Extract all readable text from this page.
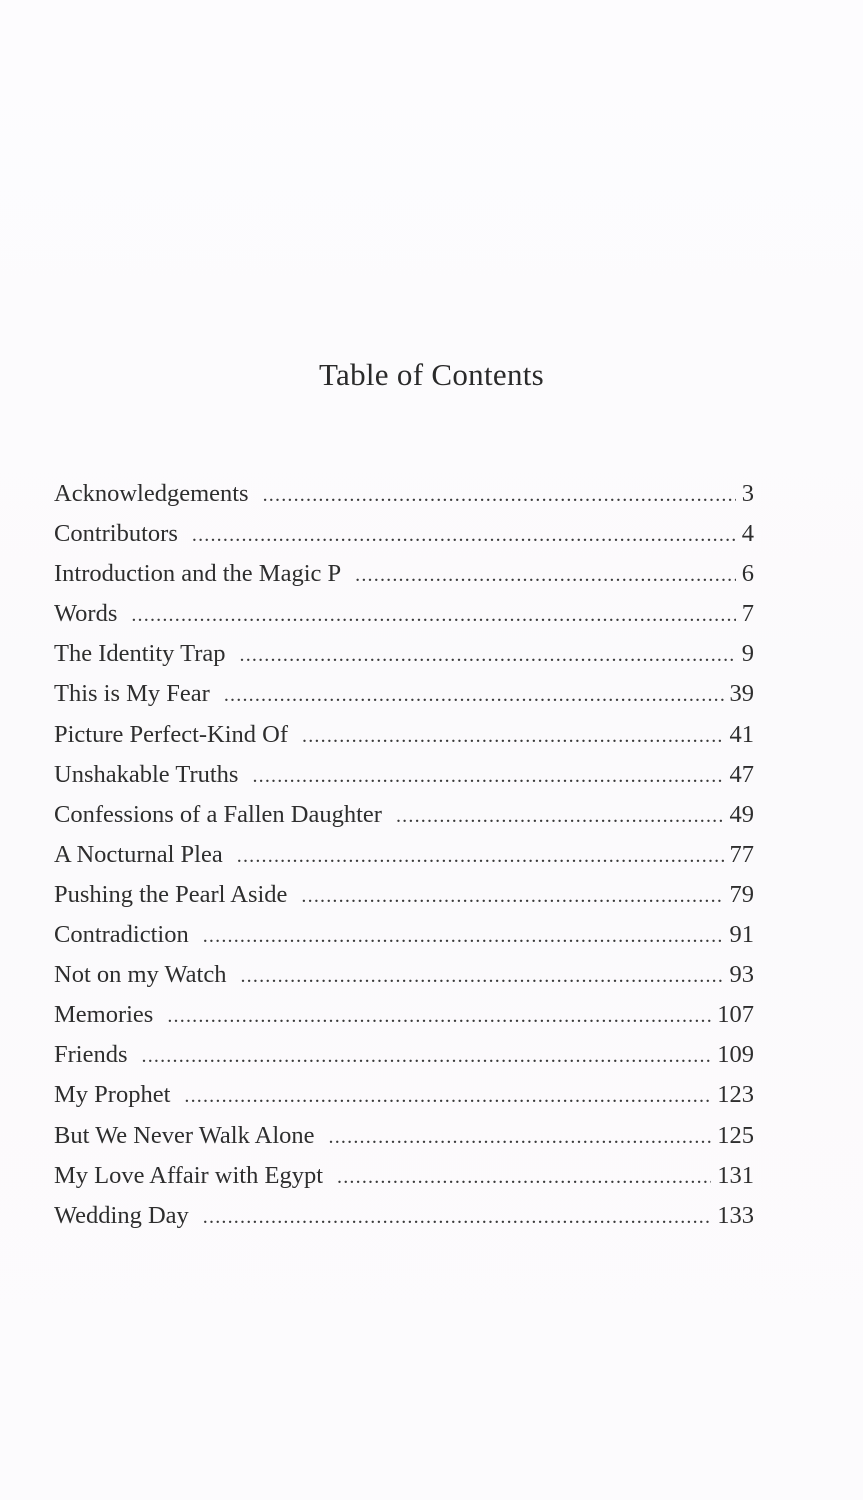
Table of Contents
Acknowledgements .....	3
Contributors .....	4
Introduction and the Magic P .....	6
Words .....	7
The Identity Trap .....	9
This is My Fear .....	39
Picture Perfect-Kind Of .....	41
Unshakable Truths .....	47
Confessions of a Fallen Daughter .....	49
A Nocturnal Plea .....	77
Pushing the Pearl Aside .....	79
Contradiction .....	91
Not on my Watch .....	93
Memories .....	107
Friends .....	109
My Prophet .....	123
But We Never Walk Alone .....	125
My Love Affair with Egypt .....	131
Wedding Day .....	133
